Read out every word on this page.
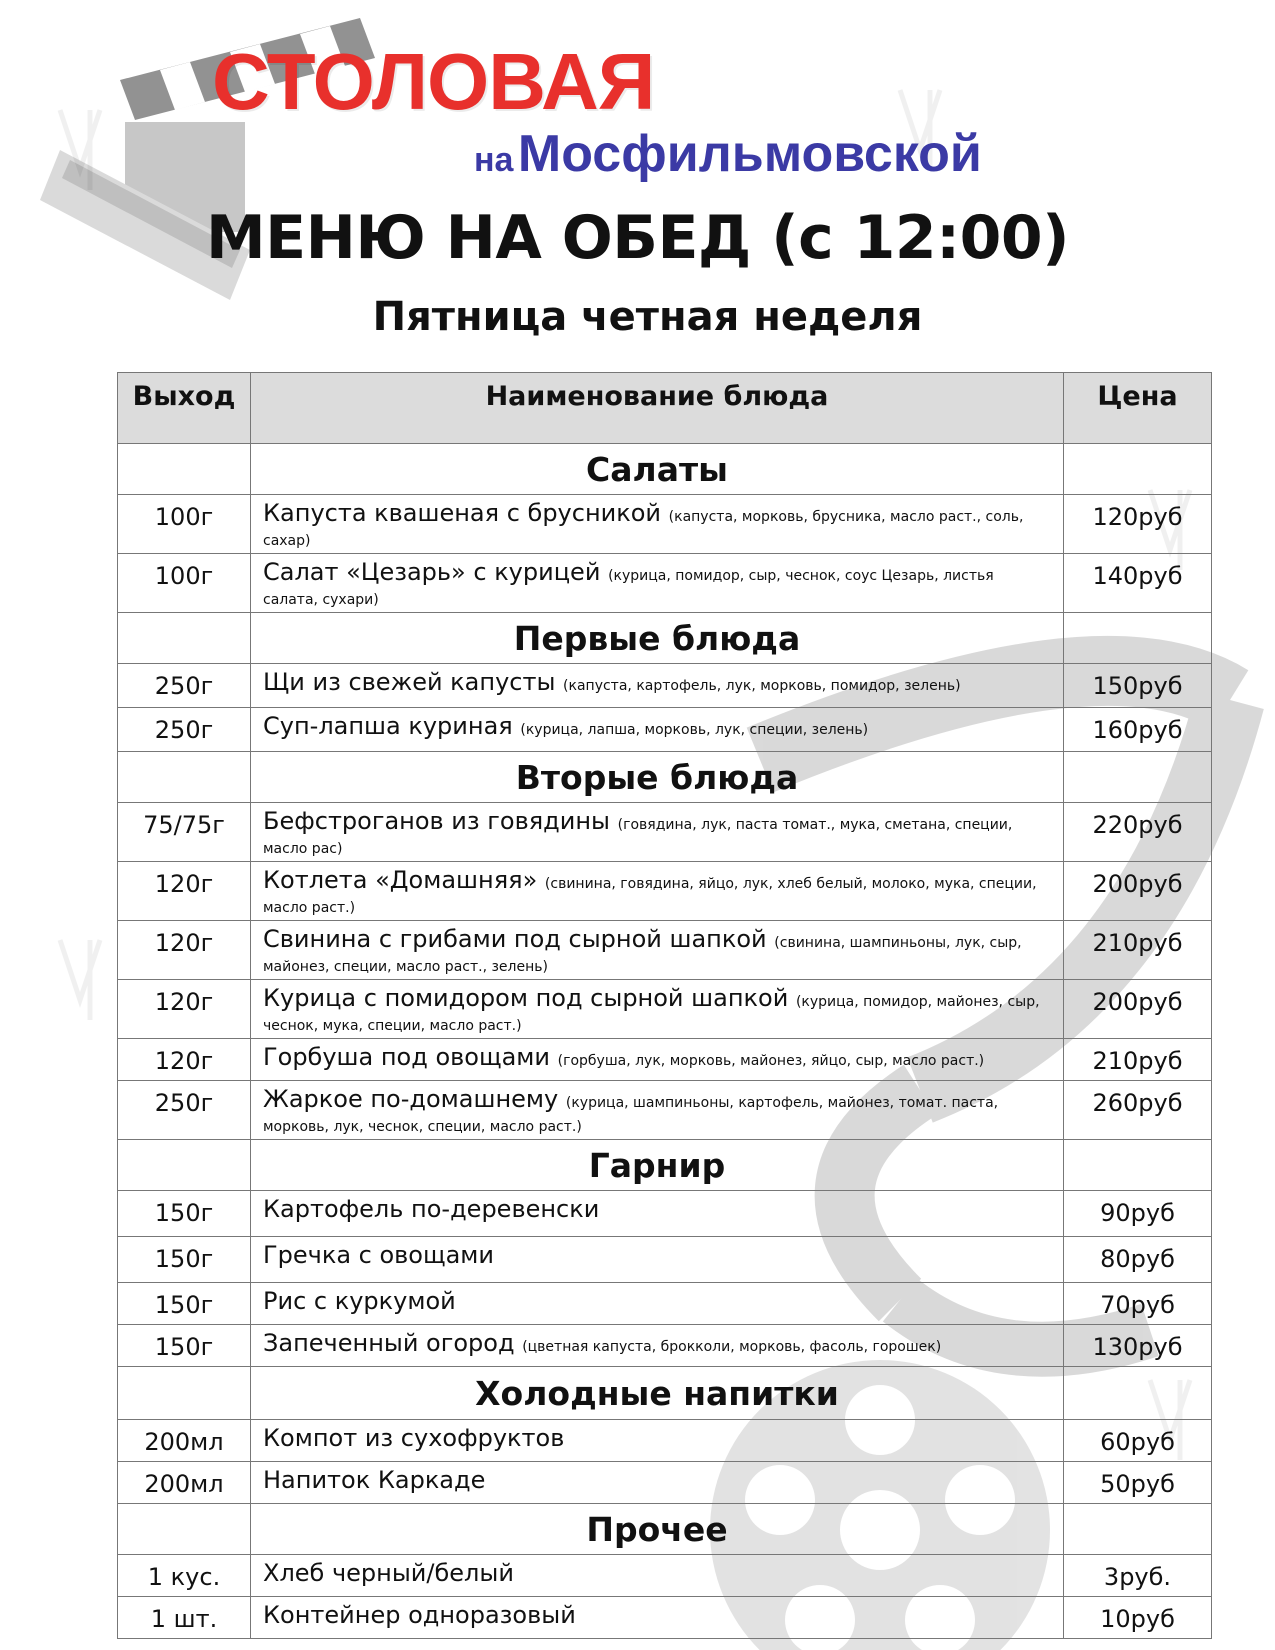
СТОЛОВАЯ
на Мосфильмовской
МЕНЮ НА ОБЕД (с 12:00)
Пятница четная неделя
Выход	Наименование блюда	Цена
	Салаты	
100г	Капуста квашеная с брусникой (капуста, морковь, брусника, масло раст., соль, сахар)	120руб
100г	Салат «Цезарь» с курицей (курица, помидор, сыр, чеснок, соус Цезарь, листья салата, сухари)	140руб
	Первые блюда	
250г	Щи из свежей капусты (капуста, картофель, лук, морковь, помидор, зелень)	150руб
250г	Суп-лапша куриная (курица, лапша, морковь, лук, специи, зелень)	160руб
	Вторые блюда	
75/75г	Бефстроганов из говядины (говядина, лук, паста томат., мука, сметана, специи, масло рас)	220руб
120г	Котлета «Домашняя» (свинина, говядина, яйцо, лук, хлеб белый, молоко, мука, специи, масло раст.)	200руб
120г	Свинина с грибами под сырной шапкой (свинина, шампиньоны, лук, сыр, майонез, специи, масло раст., зелень)	210руб
120г	Курица с помидором под сырной шапкой (курица, помидор, майонез, сыр, чеснок, мука, специи, масло раст.)	200руб
120г	Горбуша под овощами (горбуша, лук, морковь, майонез, яйцо, сыр, масло раст.)	210руб
250г	Жаркое по-домашнему (курица, шампиньоны, картофель, майонез, томат. паста, морковь, лук, чеснок, специи, масло раст.)	260руб
	Гарнир	
150г	Картофель по-деревенски	90руб
150г	Гречка с овощами	80руб
150г	Рис с куркумой	70руб
150г	Запеченный огород (цветная капуста, брокколи, морковь, фасоль, горошек)	130руб
	Холодные напитки	
200мл	Компот из сухофруктов	60руб
200мл	Напиток Каркаде	50руб
	Прочее	
1 кус.	Хлеб черный/белый	3руб.
1 шт.	Контейнер одноразовый	10руб
